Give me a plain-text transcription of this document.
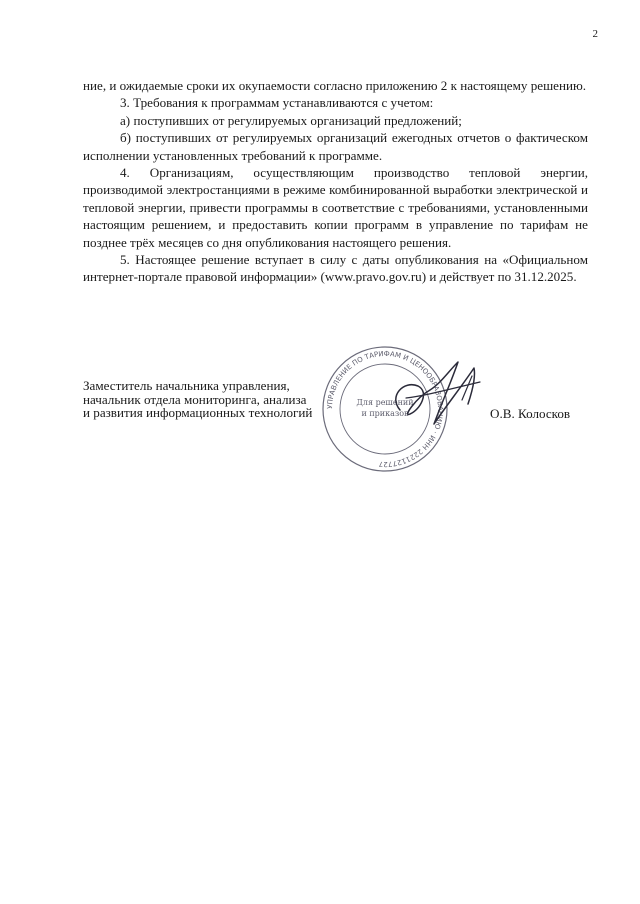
2

ние, и ожидаемые сроки их окупаемости согласно приложению 2 к настоящему решению.

3. Требования к программам устанавливаются с учетом:

а) поступивших от регулируемых организаций предложений;

б) поступивших от регулируемых организаций ежегодных отчетов о фактическом исполнении установленных требований к программе.

4. Организациям, осуществляющим производство тепловой энергии, производимой электростанциями в режиме комбинированной выработки электрической и тепловой энергии, привести программы в соответствие с требованиями, установленными настоящим решением, и предоставить копии программ в управление по тарифам не позднее трёх месяцев со дня опубликования настоящего решения.

5. Настоящее решение вступает в силу с даты опубликования на «Официальном интернет-портале правовой информации» (www.pravo.gov.ru) и действует по 31.12.2025.

УПРАВЛЕНИЕ ПО ТАРИФАМ И ЦЕНООБРАЗОВАНИЮ · ИНН 2221127727
Для решений
и приказов
Заместитель начальника управления,
начальник отдела мониторинга, анализа
и развития информационных технологий	О.В. Колосков
